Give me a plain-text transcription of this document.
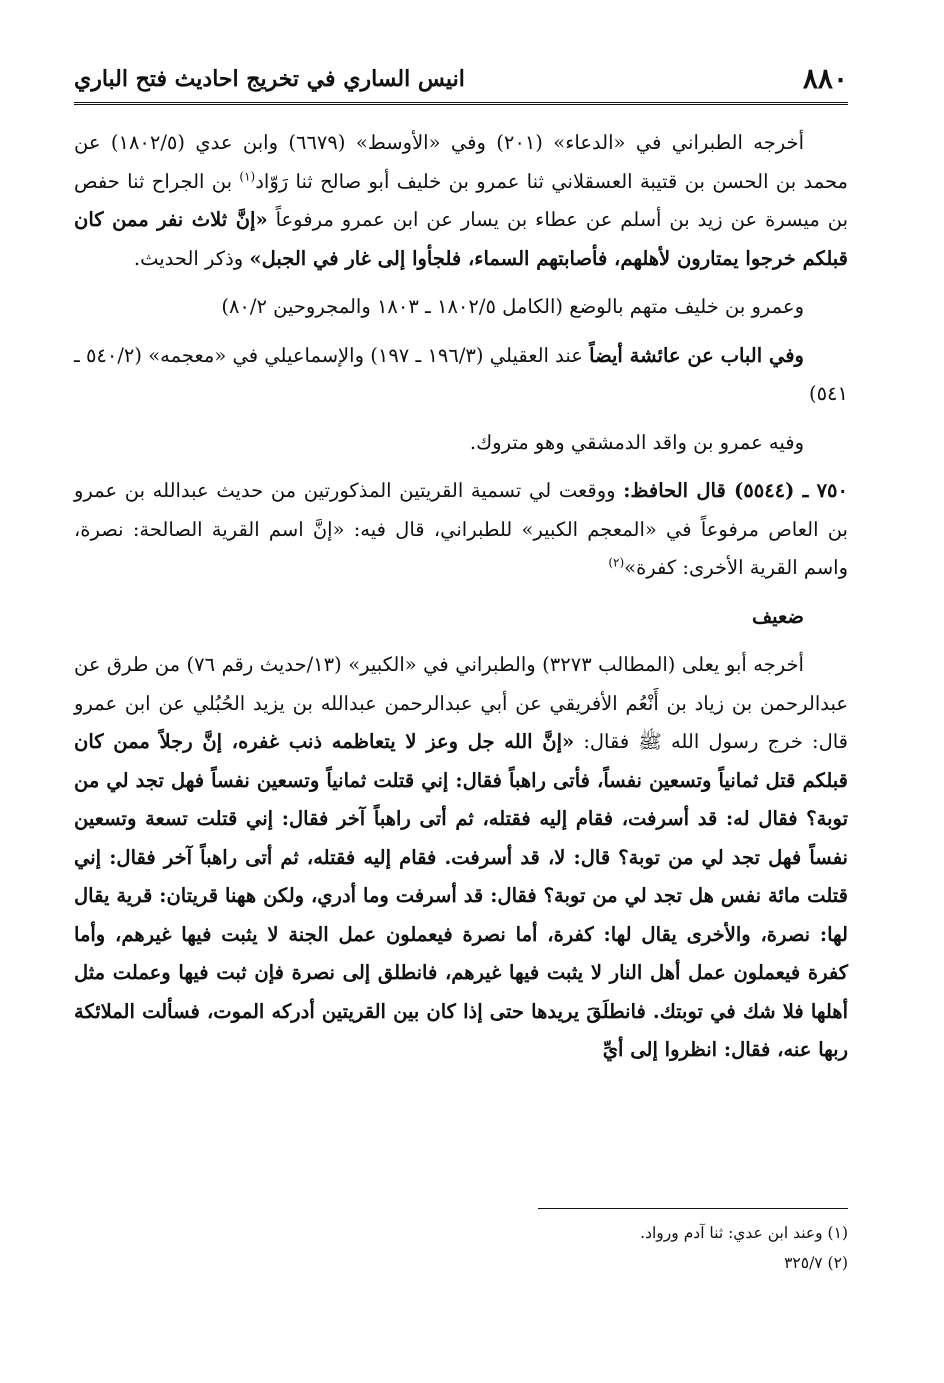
٨٨٠
انيس الساري في تخريج احاديث فتح الباري

أخرجه الطبراني في «الدعاء» (٢٠١) وفي «الأوسط» (٦٦٧٩) وابن عدي (١٨٠٢/٥) عن محمد بن الحسن بن قتيبة العسقلاني ثنا عمرو بن خليف أبو صالح ثنا رَوّاد$^{(١)}$ بن الجراح ثنا حفص بن ميسرة عن زيد بن أسلم عن عطاء بن يسار عن ابن عمرو مرفوعاً «إنَّ ثلاث نفر ممن كان قبلكم خرجوا يمتارون لأهلهم، فأصابتهم السماء، فلجأوا إلى غار في الجبل» وذكر الحديث.

وعمرو بن خليف متهم بالوضع (الكامل ١٨٠٢/٥ ـ ١٨٠٣ والمجروحين ٨٠/٢)

وفي الباب عن عائشة أيضاً عند العقيلي (١٩٦/٣ ـ ١٩٧) والإسماعيلي في «معجمه» (٥٤٠/٢ ـ ٥٤١)

وفيه عمرو بن واقد الدمشقي وهو متروك.

٧٥٠ ـ (٥٥٤٤) قال الحافظ: ووقعت لي تسمية القريتين المذكورتين من حديث عبدالله بن عمرو بن العاص مرفوعاً في «المعجم الكبير» للطبراني، قال فيه: «إنَّ اسم القرية الصالحة: نصرة، واسم القرية الأخرى: كفرة»$^{(٢)}$

ضعيف

أخرجه أبو يعلى (المطالب ٣٢٧٣) والطبراني في «الكبير» (١٣/حديث رقم ٧٦) من طرق عن عبدالرحمن بن زياد بن أَنْعُم الأفريقي عن أبي عبدالرحمن عبدالله بن يزيد الحُبُلي عن ابن عمرو قال: خرج رسول الله ﷺ فقال: «إنَّ الله جل وعز لا يتعاظمه ذنب غفره، إنَّ رجلاً ممن كان قبلكم قتل ثمانياً وتسعين نفساً، فأتى راهباً فقال: إني قتلت ثمانياً وتسعين نفساً فهل تجد لي من توبة؟ فقال له: قد أسرفت، فقام إليه فقتله، ثم أتى راهباً آخر فقال: إني قتلت تسعة وتسعين نفساً فهل تجد لي من توبة؟ قال: لا، قد أسرفت. فقام إليه فقتله، ثم أتى راهباً آخر فقال: إني قتلت مائة نفس هل تجد لي من توبة؟ فقال: قد أسرفت وما أدري، ولكن ههنا قريتان: قرية يقال لها: نصرة، والأخرى يقال لها: كفرة، أما نصرة فيعملون عمل الجنة لا يثبت فيها غيرهم، وأما كفرة فيعملون عمل أهل النار لا يثبت فيها غيرهم، فانطلق إلى نصرة فإن ثبت فيها وعملت مثل أهلها فلا شك في توبتك. فانطلَقَ يريدها حتى إذا كان بين القريتين أدركه الموت، فسألت الملائكة ربها عنه، فقال: انظروا إلى أيِّ

(١) وعند ابن عدي: ثنا آدم ورواد.

(٢) ٣٢٥/٧
